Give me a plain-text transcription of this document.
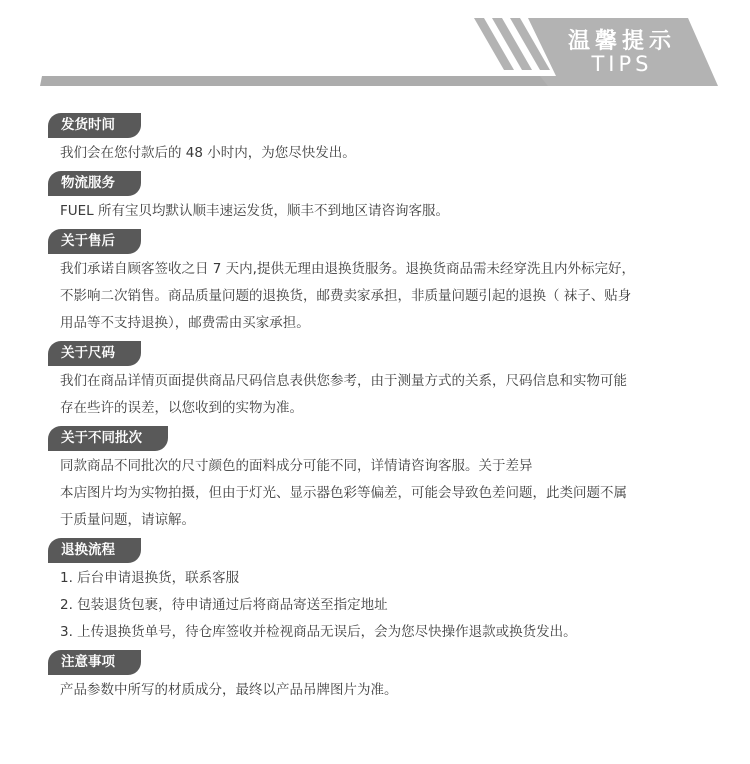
温馨提示
TIPS
发货时间
我们会在您付款后的 48 小时内，为您尽快发出。
物流服务
FUEL 所有宝贝均默认顺丰速运发货，顺丰不到地区请咨询客服。
关于售后
我们承诺自顾客签收之日 7 天内,提供无理由退换货服务。退换货商品需未经穿洗且内外标完好，
不影响二次销售。商品质量问题的退换货，邮费卖家承担，非质量问题引起的退换（ 袜子、贴身
用品等不支持退换），邮费需由买家承担。
关于尺码
我们在商品详情页面提供商品尺码信息表供您参考，由于测量方式的关系，尺码信息和实物可能
存在些许的误差，以您收到的实物为准。
关于不同批次
同款商品不同批次的尺寸颜色的面料成分可能不同，详情请咨询客服。关于差异
本店图片均为实物拍摄，但由于灯光、显示器色彩等偏差，可能会导致色差问题，此类问题不属
于质量问题，请谅解。
退换流程
1. 后台申请退换货，联系客服
2. 包装退货包裹，待申请通过后将商品寄送至指定地址
3. 上传退换货单号，待仓库签收并检视商品无误后，会为您尽快操作退款或换货发出。
注意事项
产品参数中所写的材质成分，最终以产品吊牌图片为准。
